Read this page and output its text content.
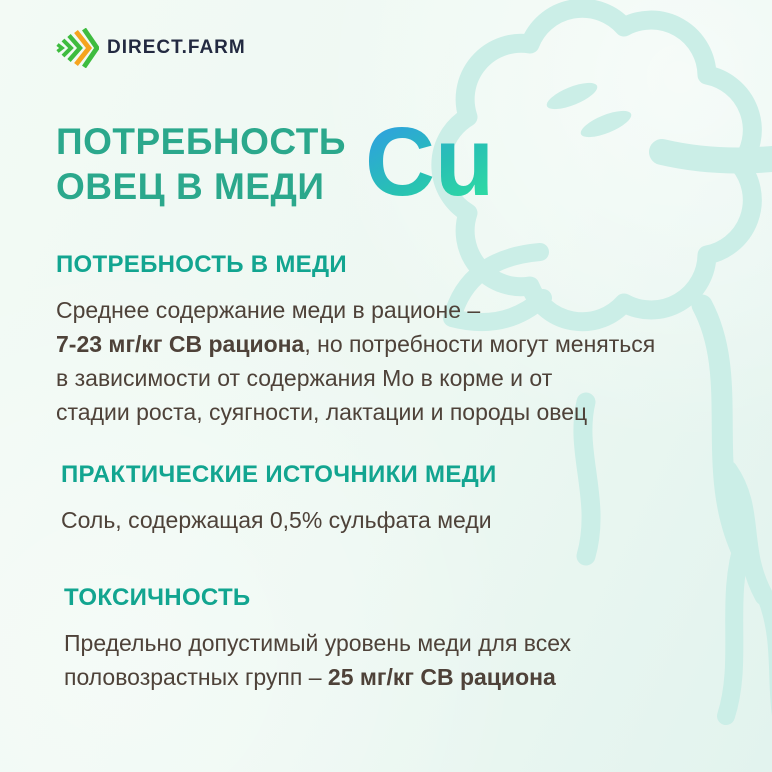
DIRECT.FARM
ПОТРЕБНОСТЬ
ОВЕЦ В МЕДИ Cu
ПОТРЕБНОСТЬ В МЕДИ
Среднее содержание меди в рационе –
7-23 мг/кг СВ рациона, но потребности могут меняться
в зависимости от содержания Мо в корме и от
стадии роста, суягности, лактации и породы овец
ПРАКТИЧЕСКИЕ ИСТОЧНИКИ МЕДИ
Соль, содержащая 0,5% сульфата меди
ТОКСИЧНОСТЬ
Предельно допустимый уровень меди для всех
половозрастных групп – 25 мг/кг СВ рациона
